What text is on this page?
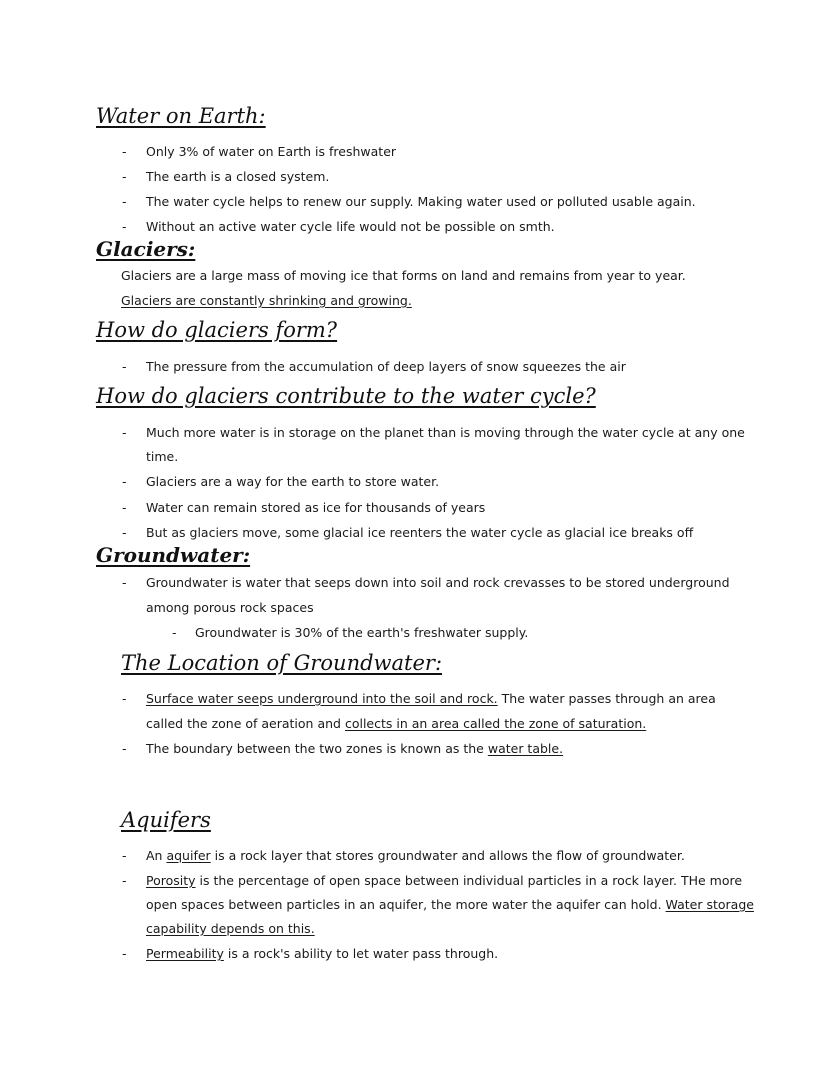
Water on Earth:
- Only 3% of water on Earth is freshwater
- The earth is a closed system.
- The water cycle helps to renew our supply. Making water used or polluted usable again.
- Without an active water cycle life would not be possible on smth.
Glaciers:
Glaciers are a large mass of moving ice that forms on land and remains from year to year.
Glaciers are constantly shrinking and growing.
How do glaciers form?
- The pressure from the accumulation of deep layers of snow squeezes the air
How do glaciers contribute to the water cycle?
- Much more water is in storage on the planet than is moving through the water cycle at any one
time.
- Glaciers are a way for the earth to store water.
- Water can remain stored as ice for thousands of years
- But as glaciers move, some glacial ice reenters the water cycle as glacial ice breaks off
Groundwater:
- Groundwater is water that seeps down into soil and rock crevasses to be stored underground
among porous rock spaces
- Groundwater is 30% of the earth's freshwater supply.
The Location of Groundwater:
- Surface water seeps underground into the soil and rock. The water passes through an area
called the zone of aeration and collects in an area called the zone of saturation.
- The boundary between the two zones is known as the water table.
Aquifers
- An aquifer is a rock layer that stores groundwater and allows the flow of groundwater.
- Porosity is the percentage of open space between individual particles in a rock layer. THe more
open spaces between particles in an aquifer, the more water the aquifer can hold. Water storage
capability depends on this.
- Permeability is a rock's ability to let water pass through.
